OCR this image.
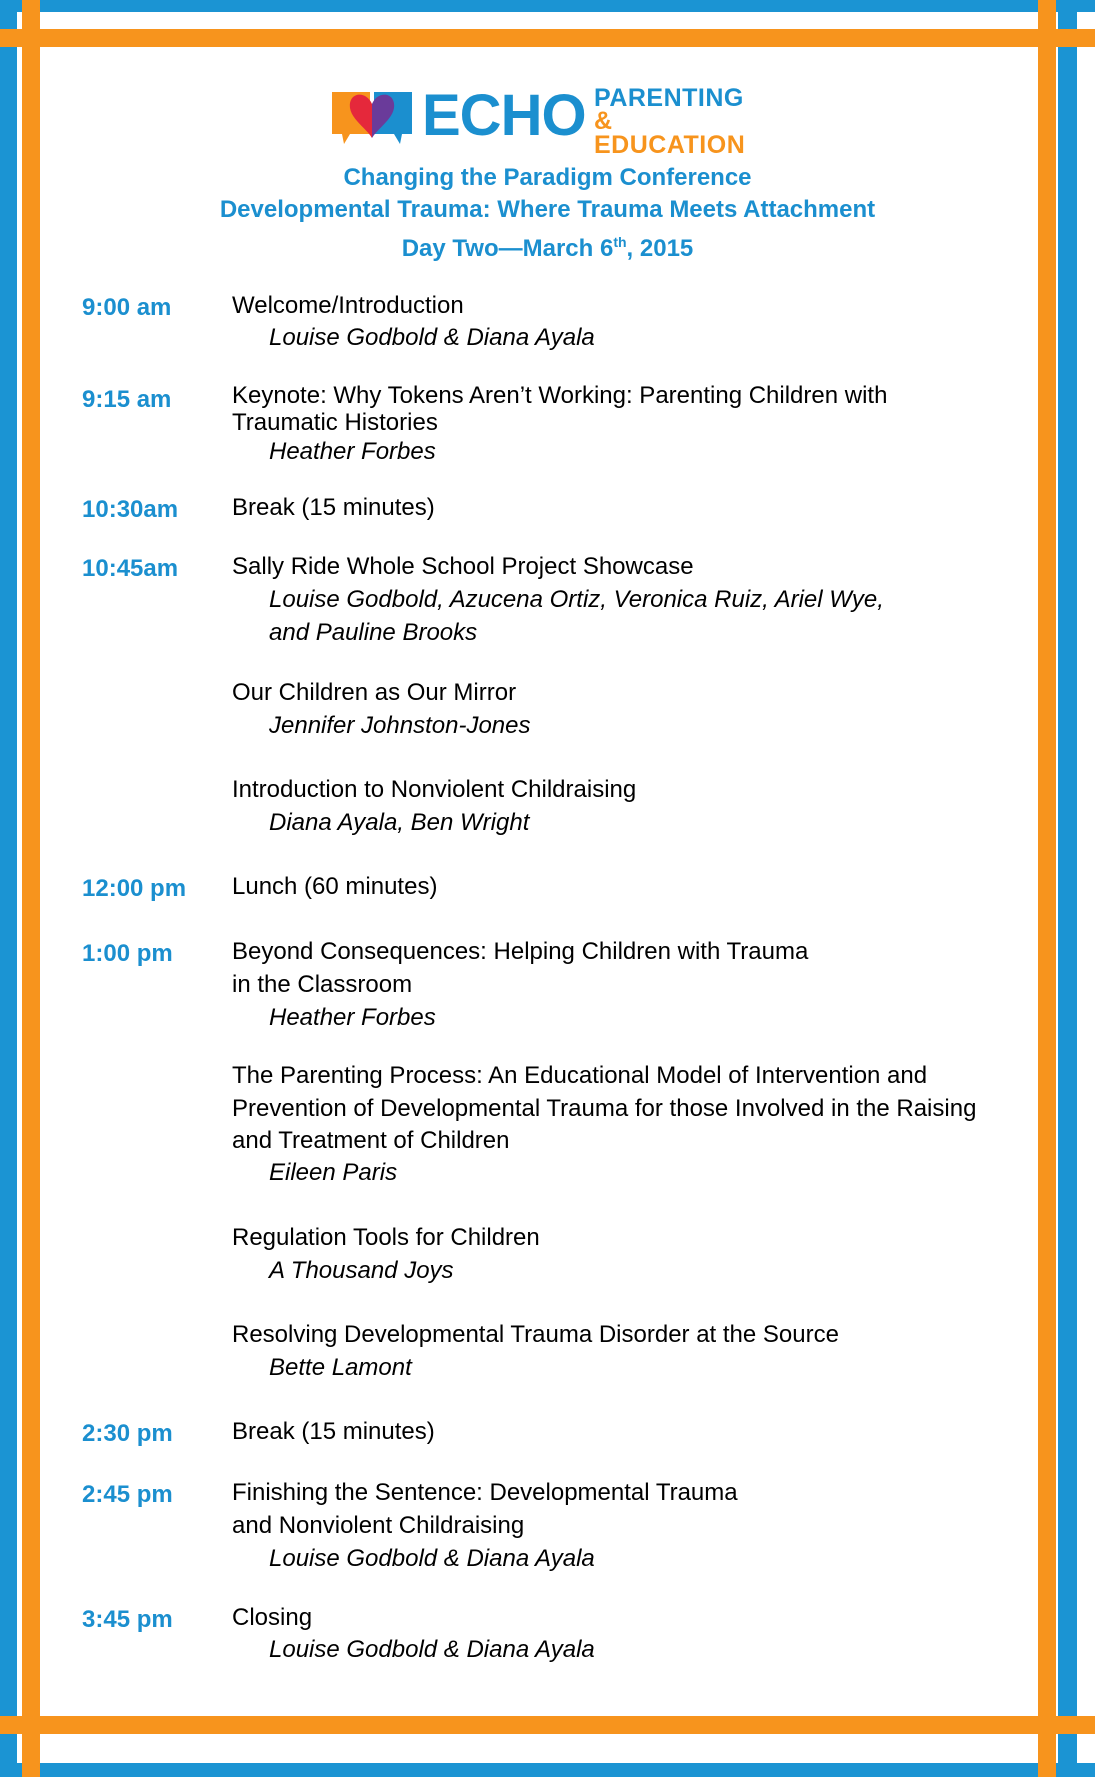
ECHO PARENTING
& EDUCATION
Changing the Paradigm Conference
Developmental Trauma: Where Trauma Meets Attachment
Day Two—March 6th, 2015
9:00 am	Welcome/Introduction
Louise Godbold & Diana Ayala
9:15 am	Keynote: Why Tokens Aren’t Working: Parenting Children with Traumatic Histories
Heather Forbes
10:30am Break (15 minutes)
10:45am Sally Ride Whole School Project Showcase
Louise Godbold, Azucena Ortiz, Veronica Ruiz, Ariel Wye,
and Pauline Brooks
Our Children as Our Mirror
Jennifer Johnston-Jones
Introduction to Nonviolent Childraising
Diana Ayala, Ben Wright
12:00 pm Lunch (60 minutes)
1:00 pm Beyond Consequences: Helping Children with Trauma
in the Classroom
Heather Forbes
The Parenting Process: An Educational Model of Intervention and
Prevention of Developmental Trauma for those Involved in the Raising
and Treatment of Children
Eileen Paris
Regulation Tools for Children
A Thousand Joys
Resolving Developmental Trauma Disorder at the Source
Bette Lamont
2:30 pm Break (15 minutes)
2:45 pm Finishing the Sentence: Developmental Trauma
and Nonviolent Childraising
Louise Godbold & Diana Ayala
3:45 pm Closing
Louise Godbold & Diana Ayala
